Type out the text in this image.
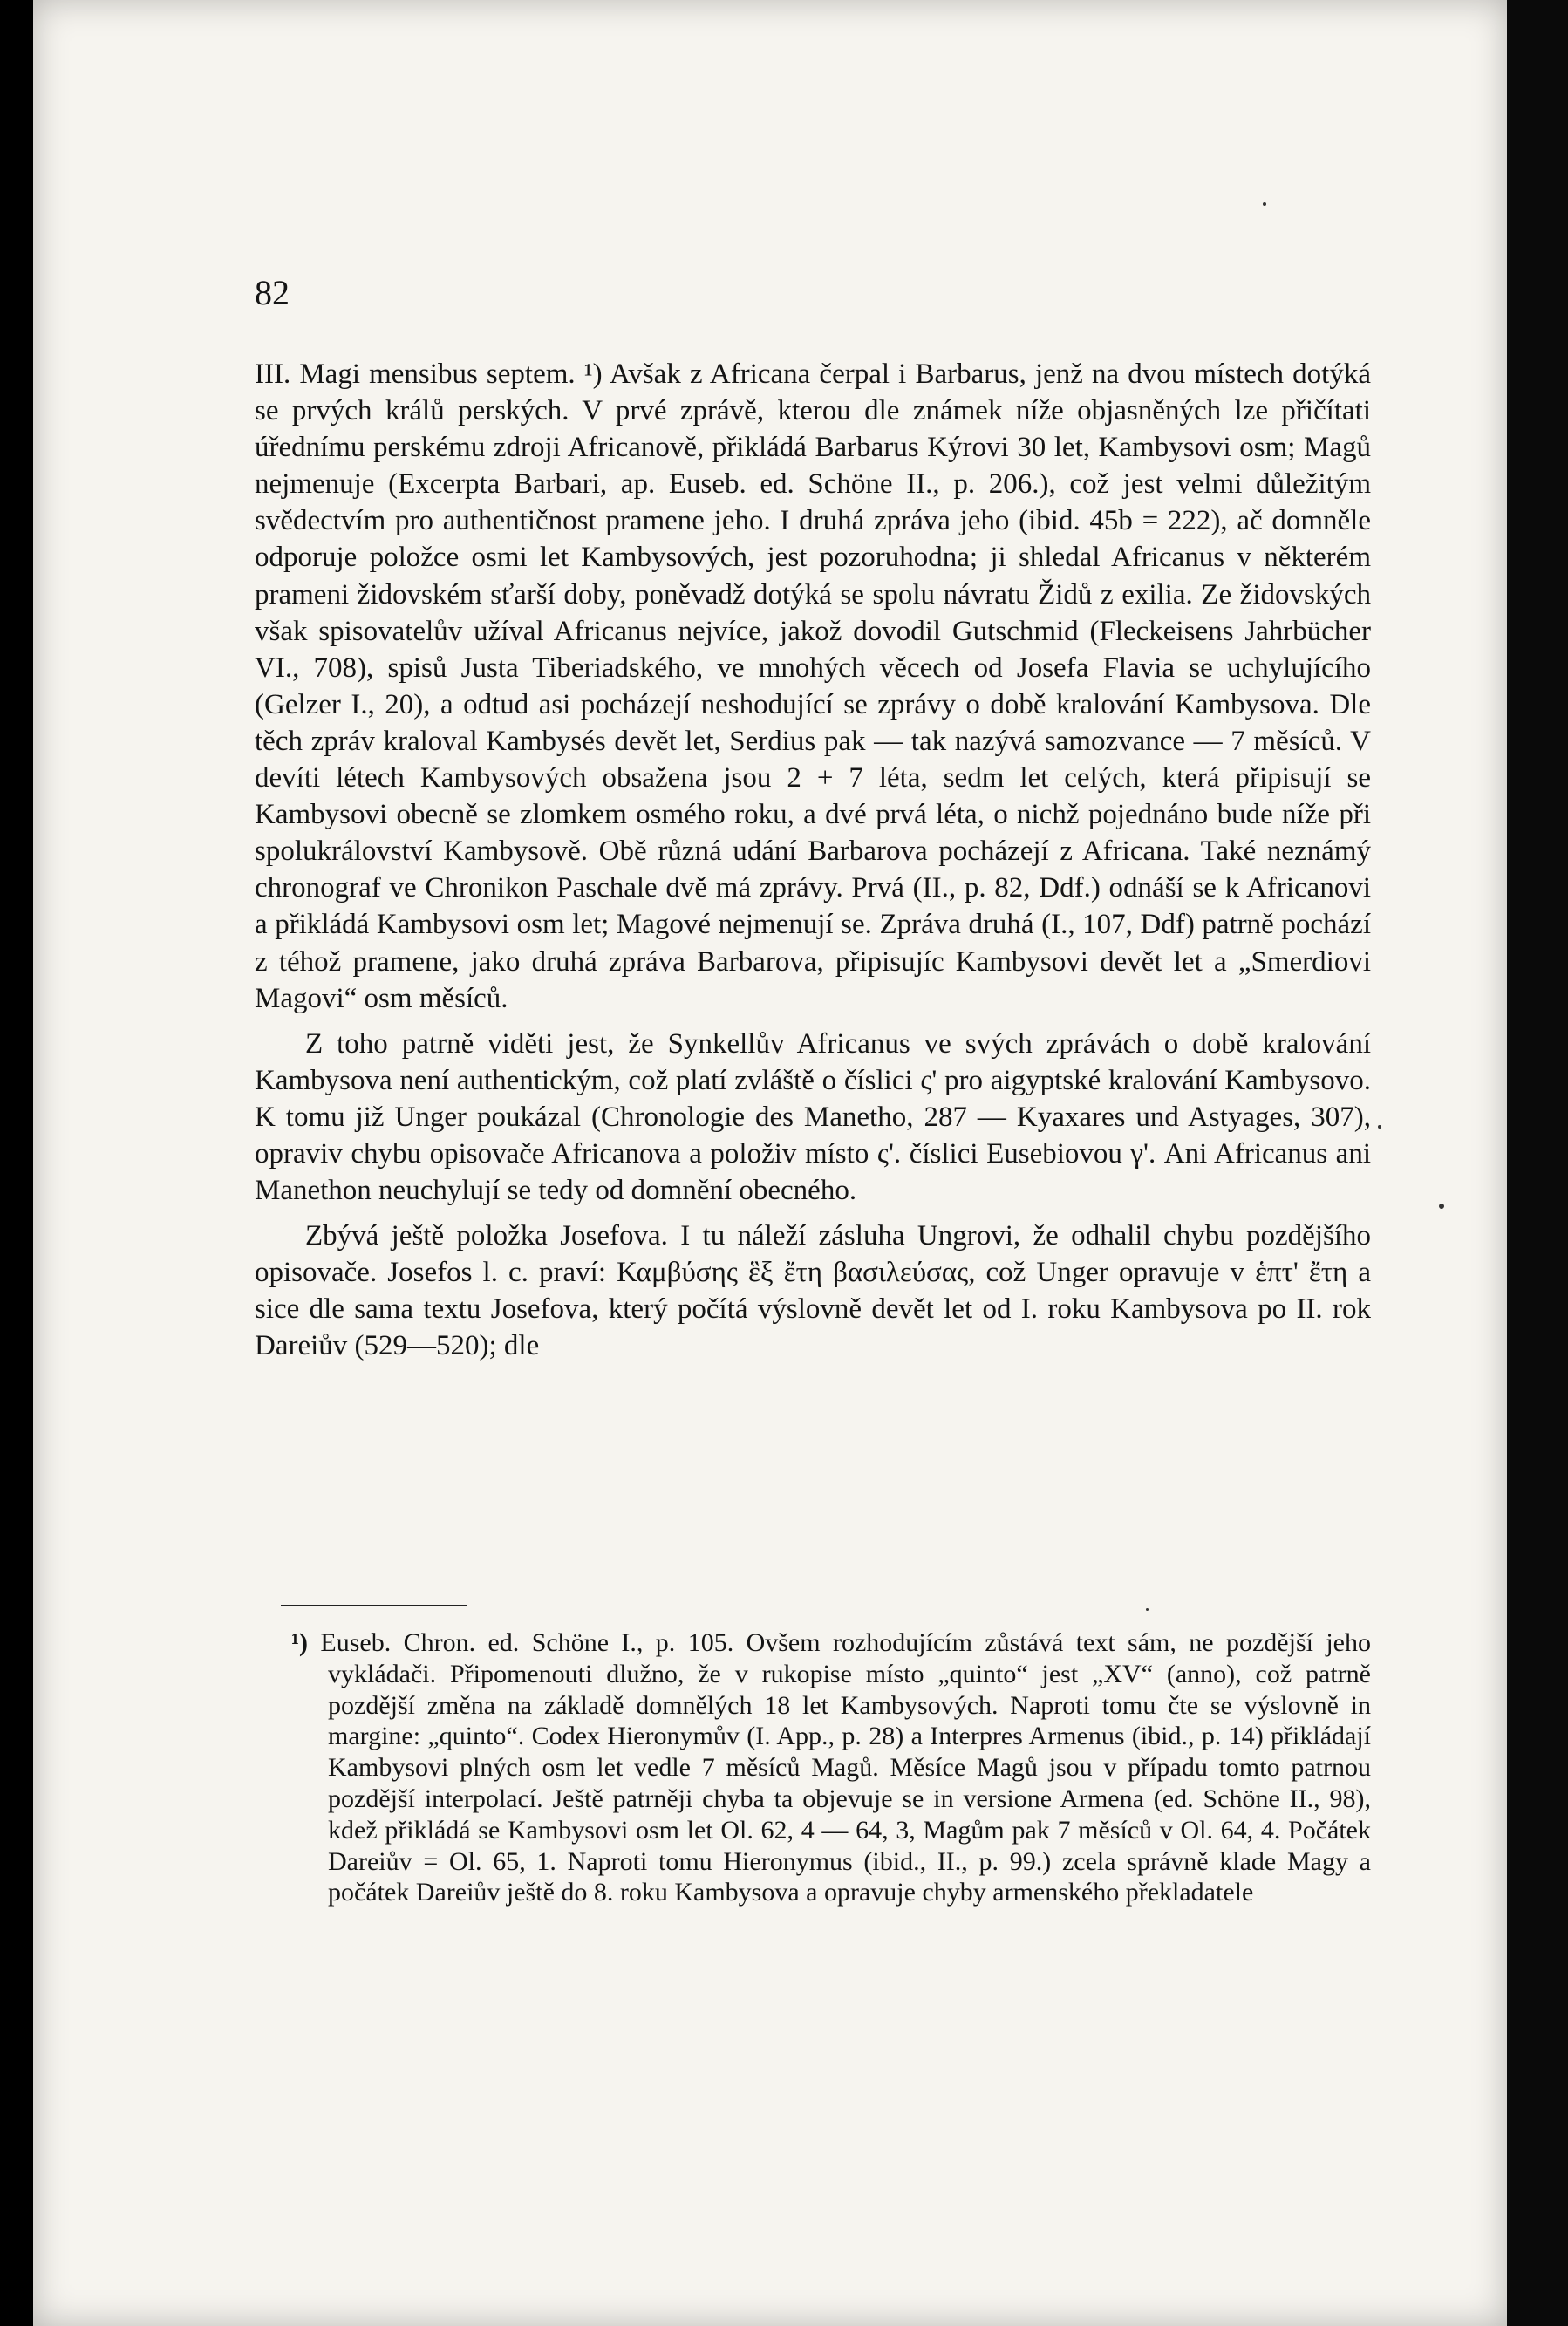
82

III. Magi mensibus septem. ¹) Avšak z Africana čerpal i Barbarus, jenž na dvou místech dotýká se prvých králů perských. V prvé zprávě, kterou dle známek níže objasněných lze přičítati úřednímu perskému zdroji Africanově, přikládá Barbarus Kýrovi 30 let, Kambysovi osm; Magů nejmenuje (Excerpta Barbari, ap. Euseb. ed. Schöne II., p. 206.), což jest velmi důležitým svědectvím pro authentičnost pramene jeho. I druhá zpráva jeho (ibid. 45b = 222), ač domněle odporuje položce osmi let Kambysových, jest pozoruhodna; ji shledal Africanus v některém prameni židovském sťarší doby, poněvadž dotýká se spolu návratu Židů z exilia. Ze židovských však spisovatelův užíval Africanus nejvíce, jakož dovodil Gutschmid (Fleckeisens Jahrbücher VI., 708), spisů Justa Tiberiadského, ve mnohých věcech od Josefa Flavia se uchylujícího (Gelzer I., 20), a odtud asi pocházejí neshodující se zprávy o době kralování Kambysova. Dle těch zpráv kraloval Kambysés devět let, Serdius pak — tak nazývá samozvance — 7 měsíců. V devíti létech Kambysových obsažena jsou 2 + 7 léta, sedm let celých, která připisují se Kambysovi obecně se zlomkem osmého roku, a dvé prvá léta, o nichž pojednáno bude níže při spolukrálovství Kambysově. Obě různá udání Barbarova pocházejí z Africana. Také neznámý chronograf ve Chronikon Paschale dvě má zprávy. Prvá (II., p. 82, Ddf.) odnáší se k Africanovi a přikládá Kambysovi osm let; Magové nejmenují se. Zpráva druhá (I., 107, Ddf) patrně pochází z téhož pramene, jako druhá zpráva Barbarova, připisujíc Kambysovi devět let a „Smerdiovi Magovi“ osm měsíců.

Z toho patrně viděti jest, že Synkellův Africanus ve svých zprávách o době kralování Kambysova není authentickým, což platí zvláště o číslici ς' pro aigyptské kralování Kambysovo. K tomu již Unger poukázal (Chronologie des Manetho, 287 — Kyaxares und Astyages, 307), opraviv chybu opisovače Africanova a položiv místo ς'. číslici Eusebiovou γ'. Ani Africanus ani Manethon neuchylují se tedy od domnění obecného.

Zbývá ještě položka Josefova. I tu náleží zásluha Ungrovi, že odhalil chybu pozdějšího opisovače. Josefos l. c. praví: Καμβύσης ἓξ ἔτη βασιλεύσας, což Unger opravuje v ἑπτ' ἔτη a sice dle sama textu Josefova, který počítá výslovně devět let od I. roku Kambysova po II. rok Dareiův (529—520); dle

¹) Euseb. Chron. ed. Schöne I., p. 105. Ovšem rozhodujícím zůstává text sám, ne pozdější jeho vykládači. Připomenouti dlužno, že v rukopise místo „quinto“ jest „XV“ (anno), což patrně pozdější změna na základě domnělých 18 let Kambysových. Naproti tomu čte se výslovně in margine: „quinto“. Codex Hieronymův (I. App., p. 28) a Interpres Armenus (ibid., p. 14) přikládají Kambysovi plných osm let vedle 7 měsíců Magů. Měsíce Magů jsou v případu tomto patrnou pozdější interpolací. Ještě patrněji chyba ta objevuje se in versione Armena (ed. Schöne II., 98), kdež přikládá se Kambysovi osm let Ol. 62, 4 — 64, 3, Magům pak 7 měsíců v Ol. 64, 4. Počátek Dareiův = Ol. 65, 1. Naproti tomu Hieronymus (ibid., II., p. 99.) zcela správně klade Magy a počátek Dareiův ještě do 8. roku Kambysova a opravuje chyby armenského překladatele
